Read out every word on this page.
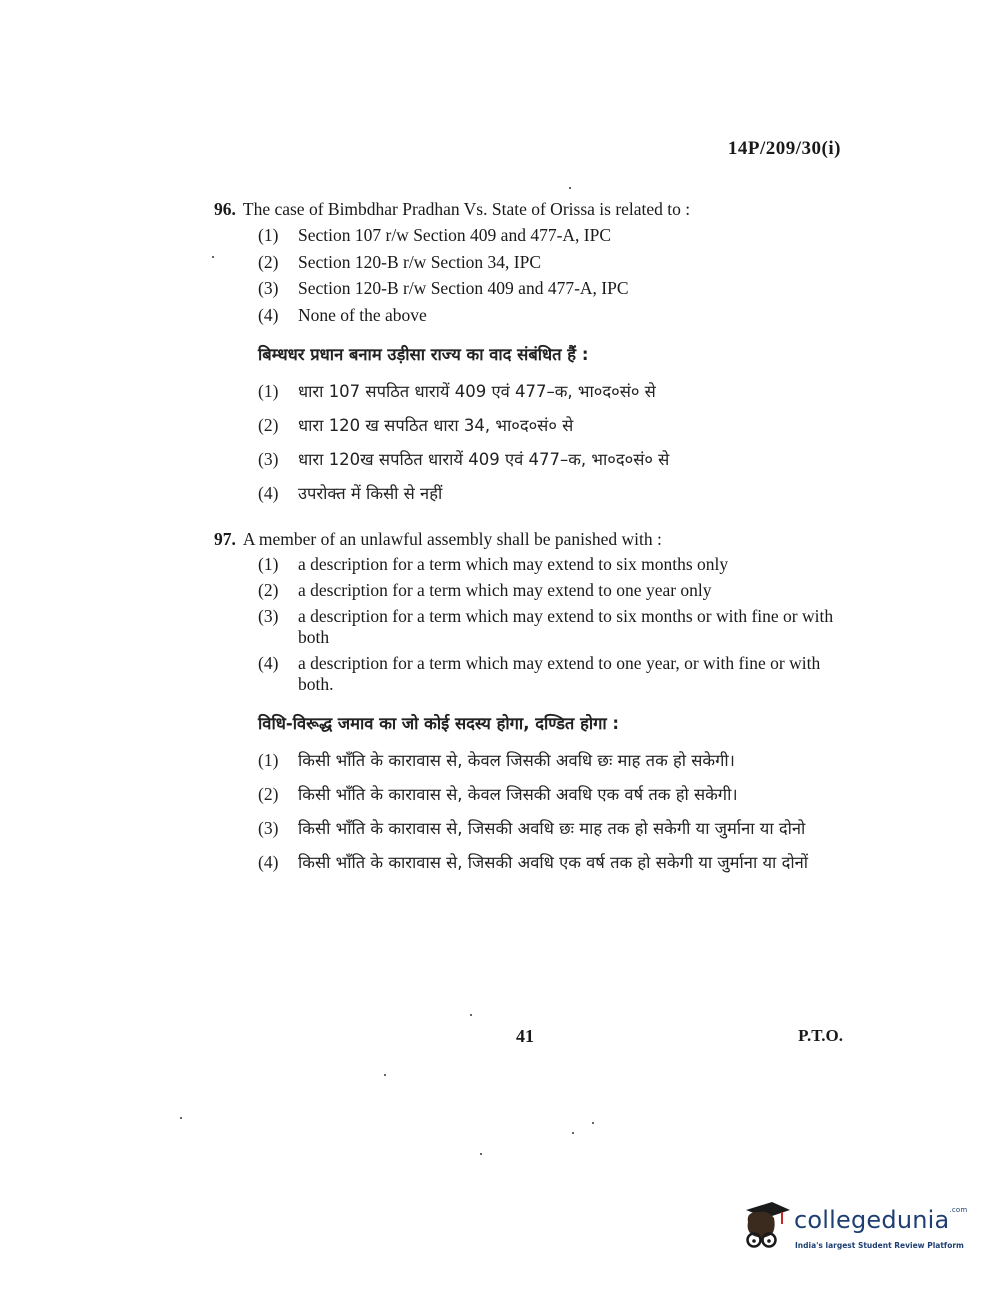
14P/209/30(i)
96. The case of Bimbdhar Pradhan Vs. State of Orissa is related to :
(1)	Section 107 r/w Section 409 and 477-A, IPC
(2)	Section 120-B r/w Section 34, IPC
(3)	Section 120-B r/w Section 409 and 477-A, IPC
(4)	None of the above
बिम्धधर प्रधान बनाम उड़ीसा राज्य का वाद संबंधित हैं :
(1)	धारा 107 सपठित धारायें 409 एवं 477–क, भा०द०सं० से
(2)	धारा 120 ख सपठित धारा 34, भा०द०सं० से
(3)	धारा 120ख सपठित धारायें 409 एवं 477–क, भा०द०सं० से
(4)	उपरोक्त में किसी से नहीं
97. A member of an unlawful assembly shall be panished with :
(1)	a description for a term which may extend to six months only
(2)	a description for a term which may extend to one year only
(3)	a description for a term which may extend to six months or with fine or with both
(4)	a description for a term which may extend to one year, or with fine or with both.
विधि-विरूद्ध जमाव का जो कोई सदस्य होगा, दण्डित होगा :
(1)	किसी भाँति के कारावास से, केवल जिसकी अवधि छः माह तक हो सकेगी।
(2)	किसी भाँति के कारावास से, केवल जिसकी अवधि एक वर्ष तक हो सकेगी।
(3)	किसी भाँति के कारावास से, जिसकी अवधि छः माह तक हो सकेगी या जुर्माना या दोनो
(4)	किसी भाँति के कारावास से, जिसकी अवधि एक वर्ष तक हो सकेगी या जुर्माना या दोनों
41	P.T.O.
collegedunia$^{.com}$
India's largest Student Review Platform
